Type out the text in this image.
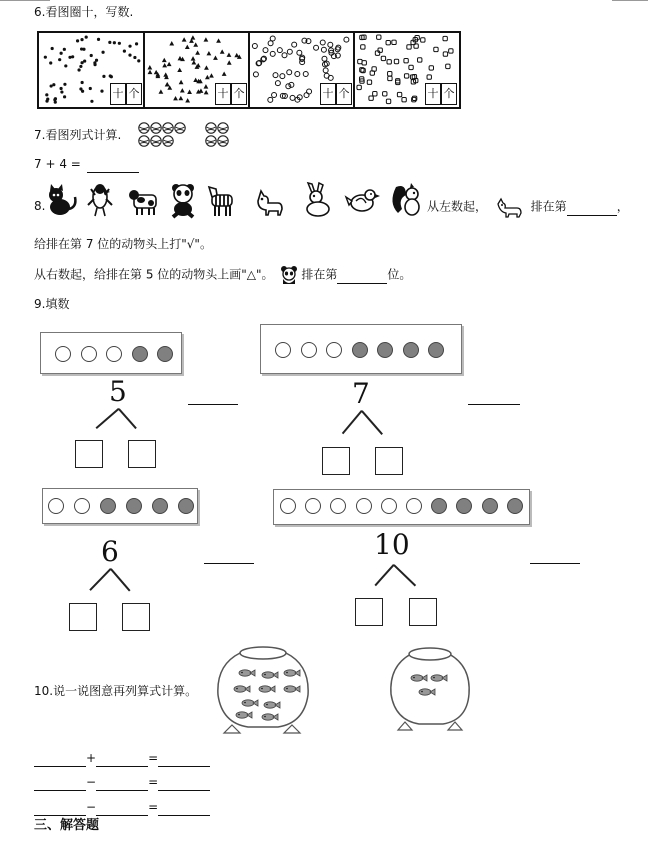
6.看图圈十，写数.
十 个	十 个	十 个	十 个
7.看图列式计算.
7 + 4 =
8.	从左数起，	排在第	，
给排在第 7 位的动物头上打"√"。
从右数起，给排在第 5 位的动物头上画"△"。 排在第	位。
9.填数
5	7
6	10
10.说一说图意再列算式计算。
+	=
−	=
−	=
三、解答题
